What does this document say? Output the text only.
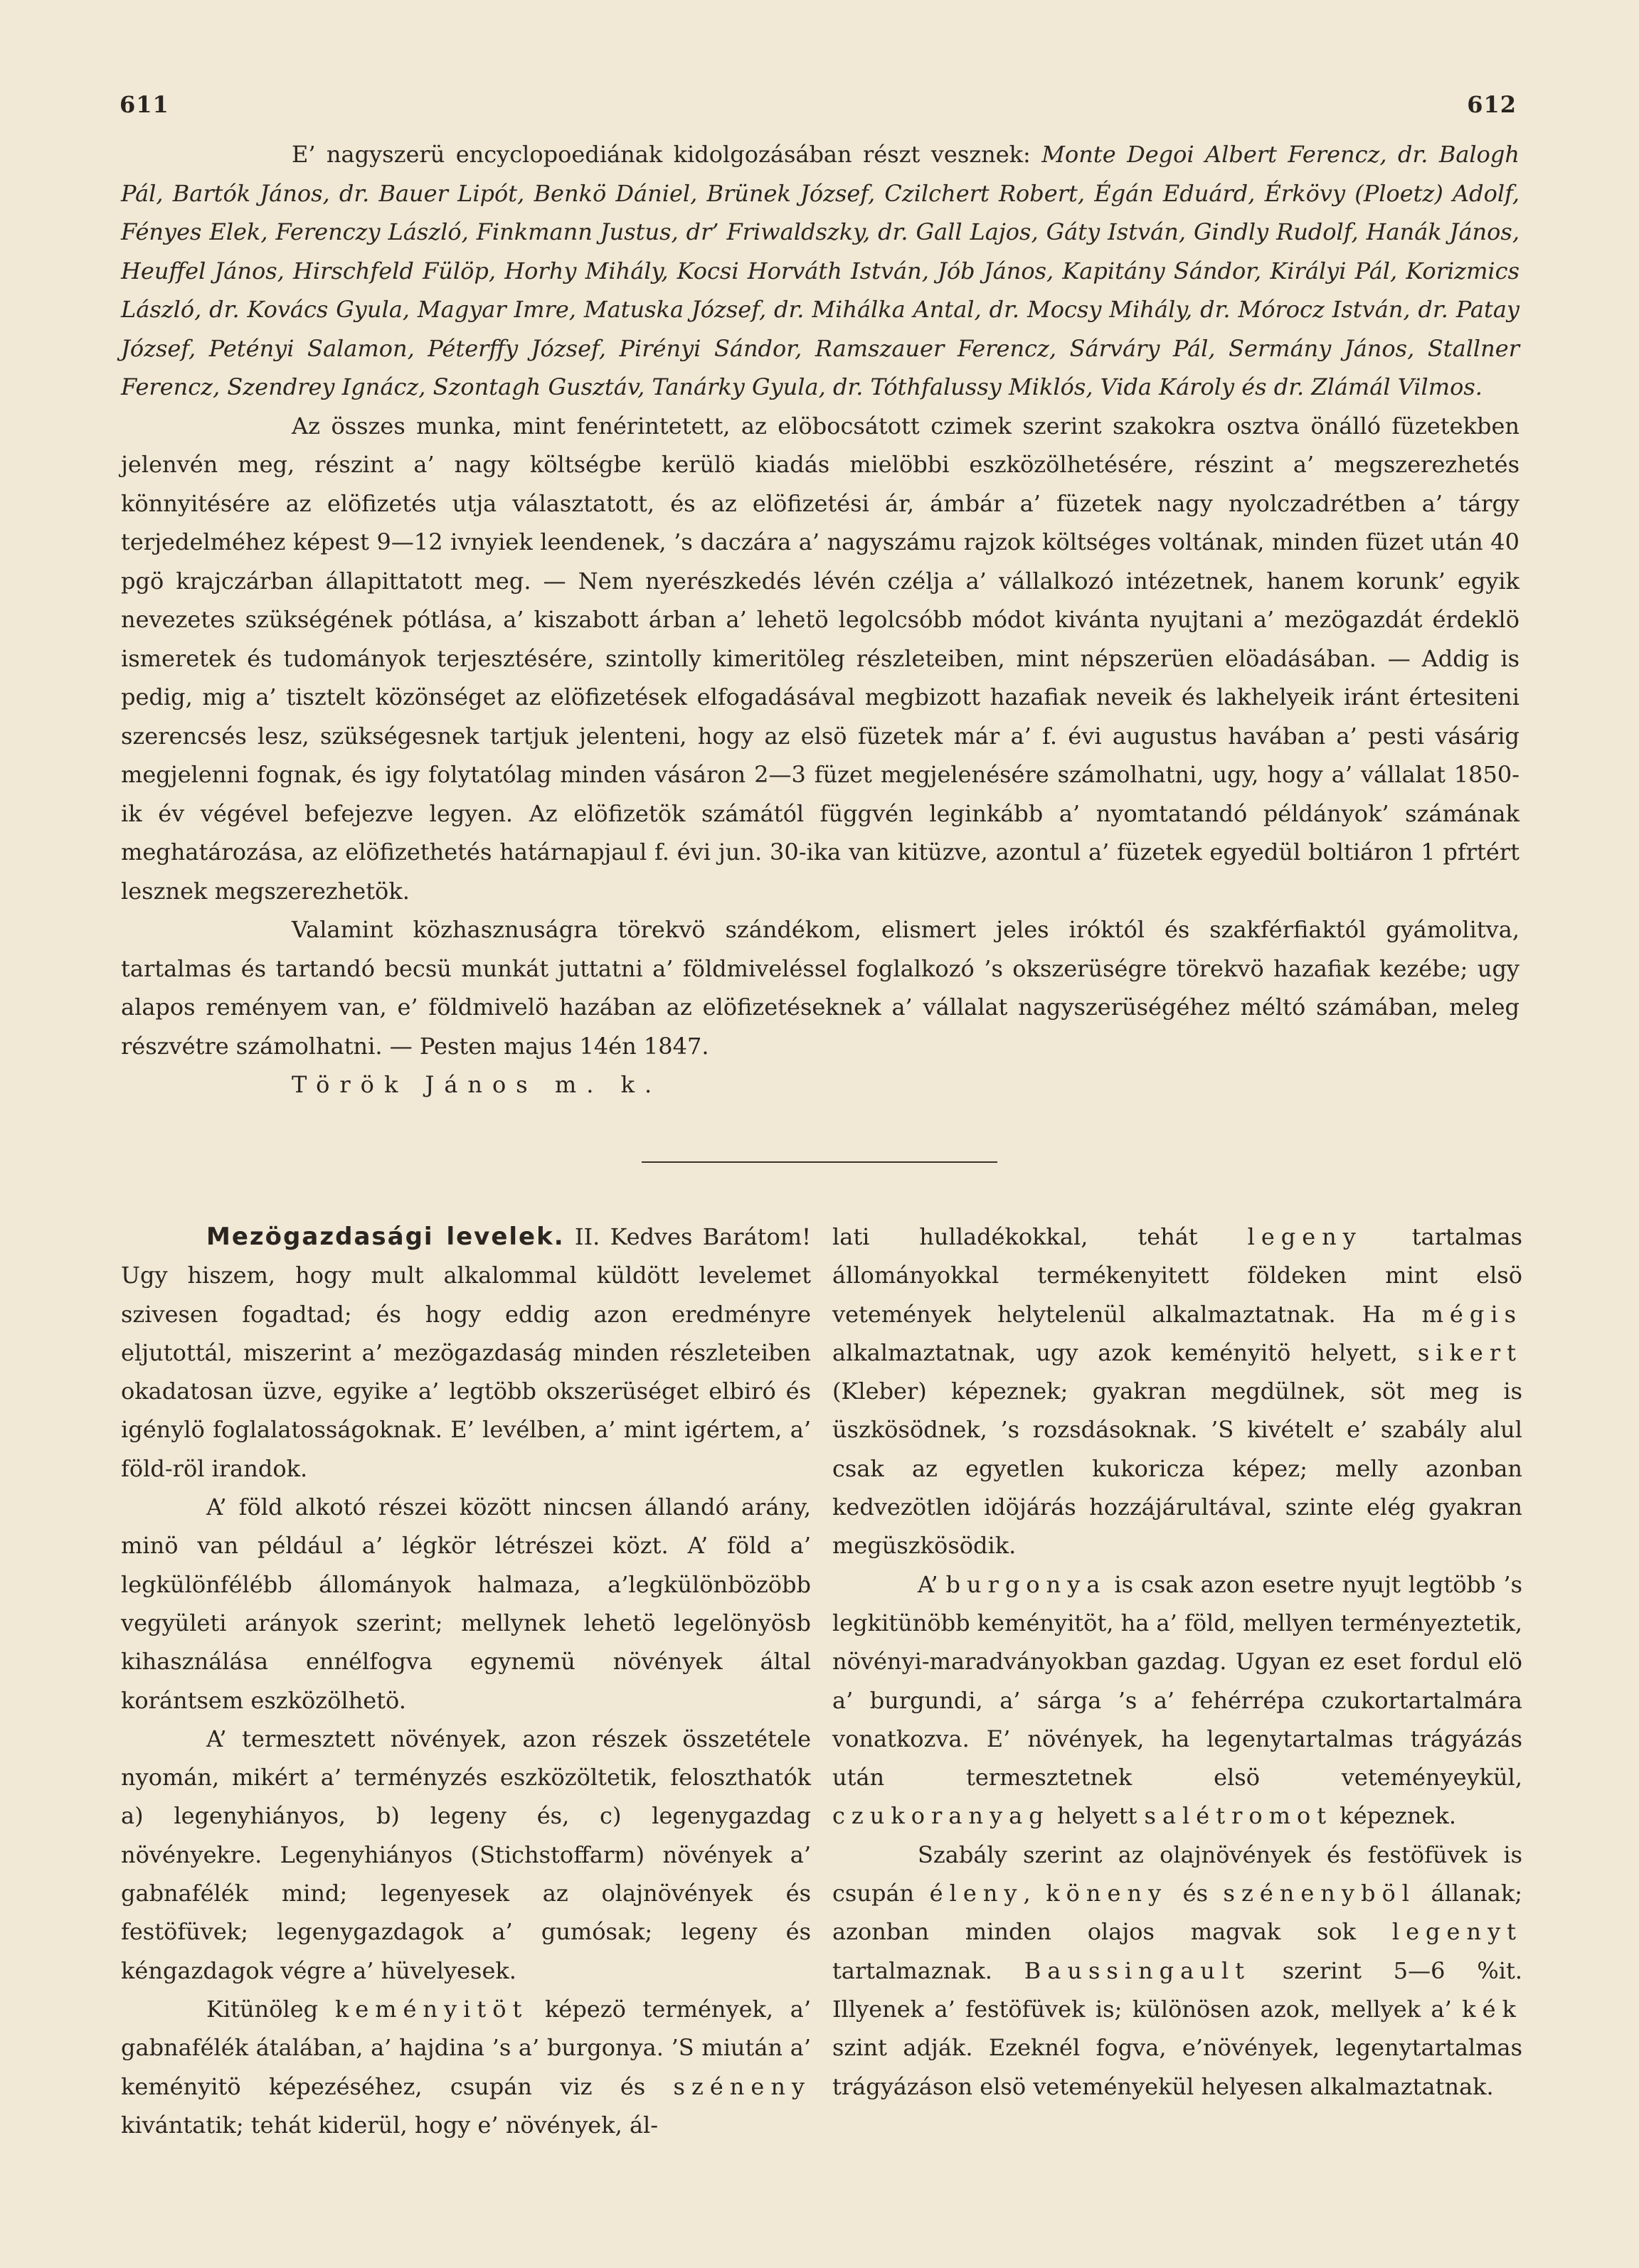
611	612

E’ nagyszerü encyclopoediának kidolgozásában részt vesznek: Monte Degoi Albert Ferencz, dr. Balogh Pál, Bartók János, dr. Bauer Lipót, Benkö Dániel, Brünek József, Czilchert Robert, Égán Eduárd, Érkövy (Ploetz) Adolf, Fényes Elek, Ferenczy László, Finkmann Justus, dr’ Friwaldszky, dr. Gall Lajos, Gáty István, Gindly Rudolf, Hanák János, Heuffel János, Hirschfeld Fülöp, Horhy Mihály, Kocsi Horváth István, Jób János, Kapitány Sándor, Királyi Pál, Korizmics László, dr. Kovács Gyula, Magyar Imre, Matuska József, dr. Mihálka Antal, dr. Mocsy Mihály, dr. Mórocz István, dr. Patay József, Petényi Salamon, Péterffy József, Pirényi Sándor, Ramszauer Ferencz, Sárváry Pál, Sermány János, Stallner Ferencz, Szendrey Ignácz, Szontagh Gusztáv, Tanárky Gyula, dr. Tóthfalussy Miklós, Vida Károly és dr. Zlámál Vilmos.

Az összes munka, mint fenérintetett, az elöbocsátott czimek szerint szakokra osztva önálló füzetekben jelenvén meg, részint a’ nagy költségbe kerülö kiadás mielöbbi eszközölhetésére, részint a’ megszerezhetés könnyitésére az elöfizetés utja választatott, és az elöfizetési ár, ámbár a’ füzetek nagy nyolczadrétben a’ tárgy terjedelméhez képest 9—12 ivnyiek leendenek, ’s daczára a’ nagyszámu rajzok költséges voltának, minden füzet után 40 pgö krajczárban állapittatott meg. — Nem nyerészkedés lévén czélja a’ vállalkozó intézetnek, hanem korunk’ egyik nevezetes szükségének pótlása, a’ kiszabott árban a’ lehetö legolcsóbb módot kivánta nyujtani a’ mezögazdát érdeklö ismeretek és tudományok terjesztésére, szintolly kimeritöleg részleteiben, mint népszerüen elöadásában. — Addig is pedig, mig a’ tisztelt közönséget az elöfizetések elfogadásával megbizott hazafiak neveik és lakhelyeik iránt értesiteni szerencsés lesz, szükségesnek tartjuk jelenteni, hogy az elsö füzetek már a’ f. évi augustus havában a’ pesti vásárig megjelenni fognak, és igy folytatólag minden vásáron 2—3 füzet megjelenésére számolhatni, ugy, hogy a’ vállalat 1850-ik év végével befejezve legyen. Az elöfizetök számától függvén leginkább a’ nyomtatandó példányok’ számának meghatározása, az elöfizethetés határnapjaul f. évi jun. 30-ika van kitüzve, azontul a’ füzetek egyedül boltiáron 1 pfrtért lesznek megszerezhetök.

Valamint közhasznuságra törekvö szándékom, elismert jeles iróktól és szakférfiaktól gyámolitva, tartalmas és tartandó becsü munkát juttatni a’ földmiveléssel foglalkozó ’s okszerüségre törekvö hazafiak kezébe; ugy alapos reményem van, e’ földmivelö hazában az elöfizetéseknek a’ vállalat nagyszerüségéhez méltó számában, meleg részvétre számolhatni. — Pesten majus 14én 1847.

Török János m. k.

Mezögazdasági levelek. II. Kedves Barátom! Ugy hiszem, hogy mult alkalommal küldött levelemet szivesen fogadtad; és hogy eddig azon eredményre eljutottál, miszerint a’ mezögazdaság minden részleteiben okadatosan üzve, egyike a’ legtöbb okszerüséget elbiró és igénylö foglalatosságoknak. E’ levélben, a’ mint igértem, a’ föld-röl irandok.

A’ föld alkotó részei között nincsen állandó arány, minö van például a’ légkör létrészei közt. A’ föld a’ legkülönfélébb állományok halmaza, a’legkülönbözöbb vegyületi arányok szerint; mellynek lehetö legelönyösb kihasználása ennélfogva egynemü növények által korántsem eszközölhetö.

A’ termesztett növények, azon részek összetétele nyomán, mikért a’ terményzés eszközöltetik, feloszthatók a) legenyhiányos, b) legeny és, c) legenygazdag növényekre. Legenyhiányos (Stichstoffarm) növények a’ gabnafélék mind; legenyesek az olajnövények és festöfüvek; legenygazdagok a’ gumósak; legeny és kéngazdagok végre a’ hüvelyesek.

Kitünöleg keményitöt képezö termények, a’ gabnafélék átalában, a’ hajdina ’s a’ burgonya. ’S miután a’ keményitö képezéséhez, csupán viz és széneny kivántatik; tehát kiderül, hogy e’ növények, ál-

lati hulladékokkal, tehát legeny tartalmas állományokkal termékenyitett földeken mint elsö vetemények helytelenül alkalmaztatnak. Ha mégis alkalmaztatnak, ugy azok keményitö helyett, sikert (Kleber) képeznek; gyakran megdülnek, söt meg is üszkösödnek, ’s rozsdásoknak. ’S kivételt e’ szabály alul csak az egyetlen kukoricza képez; melly azonban kedvezötlen idöjárás hozzájárultával, szinte elég gyakran megüszkösödik.

A’ burgonya is csak azon esetre nyujt legtöbb ’s legkitünöbb keményitöt, ha a’ föld, mellyen terményeztetik, növényi-maradványokban gazdag. Ugyan ez eset fordul elö a’ burgundi, a’ sárga ’s a’ fehérrépa czukortartalmára vonatkozva. E’ növények, ha legenytartalmas trágyázás után termesztetnek elsö veteményeykül, czukoranyag helyett salétromot képeznek.

Szabály szerint az olajnövények és festöfüvek is csupán éleny, köneny és szénenyböl állanak; azonban minden olajos magvak sok legenyt tartalmaznak. Baussingault szerint 5—6 %it. Illyenek a’ festöfüvek is; különösen azok, mellyek a’ kék szint adják. Ezeknél fogva, e’növények, legenytartalmas trágyázáson elsö veteményekül helyesen alkalmaztatnak.
